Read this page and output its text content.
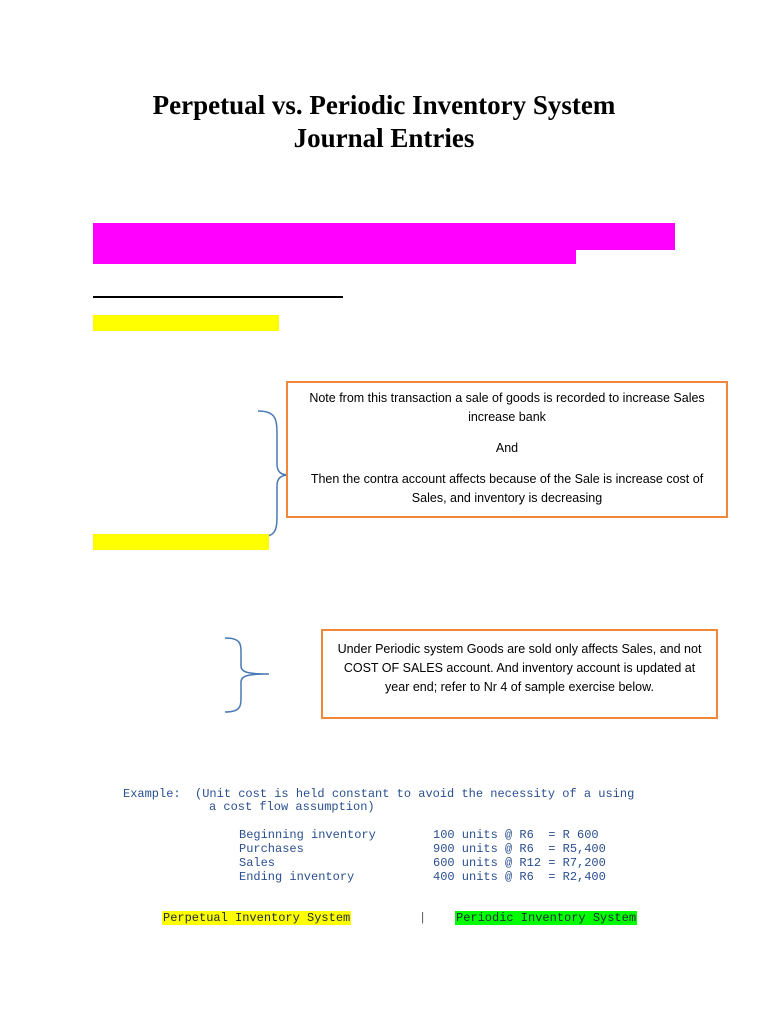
Perpetual vs. Periodic Inventory System
Journal Entries

Note from this transaction a sale of goods is recorded to increase Sales increase bank

And

Then the contra account affects because of the Sale is increase cost of Sales, and inventory is decreasing

Under Periodic system Goods are sold only affects Sales, and not COST OF SALES account. And inventory account is updated at year end; refer to Nr 4 of sample exercise below.

Example:  (Unit cost is held constant to avoid the necessity of a using
a cost flow assumption)
Beginning inventory	100 units @ R6  = R 600
Purchases	900 units @ R6  = R5,400
Sales	600 units @ R12 = R7,200
Ending inventory	400 units @ R6  = R2,400
Perpetual Inventory System	| Periodic Inventory System
